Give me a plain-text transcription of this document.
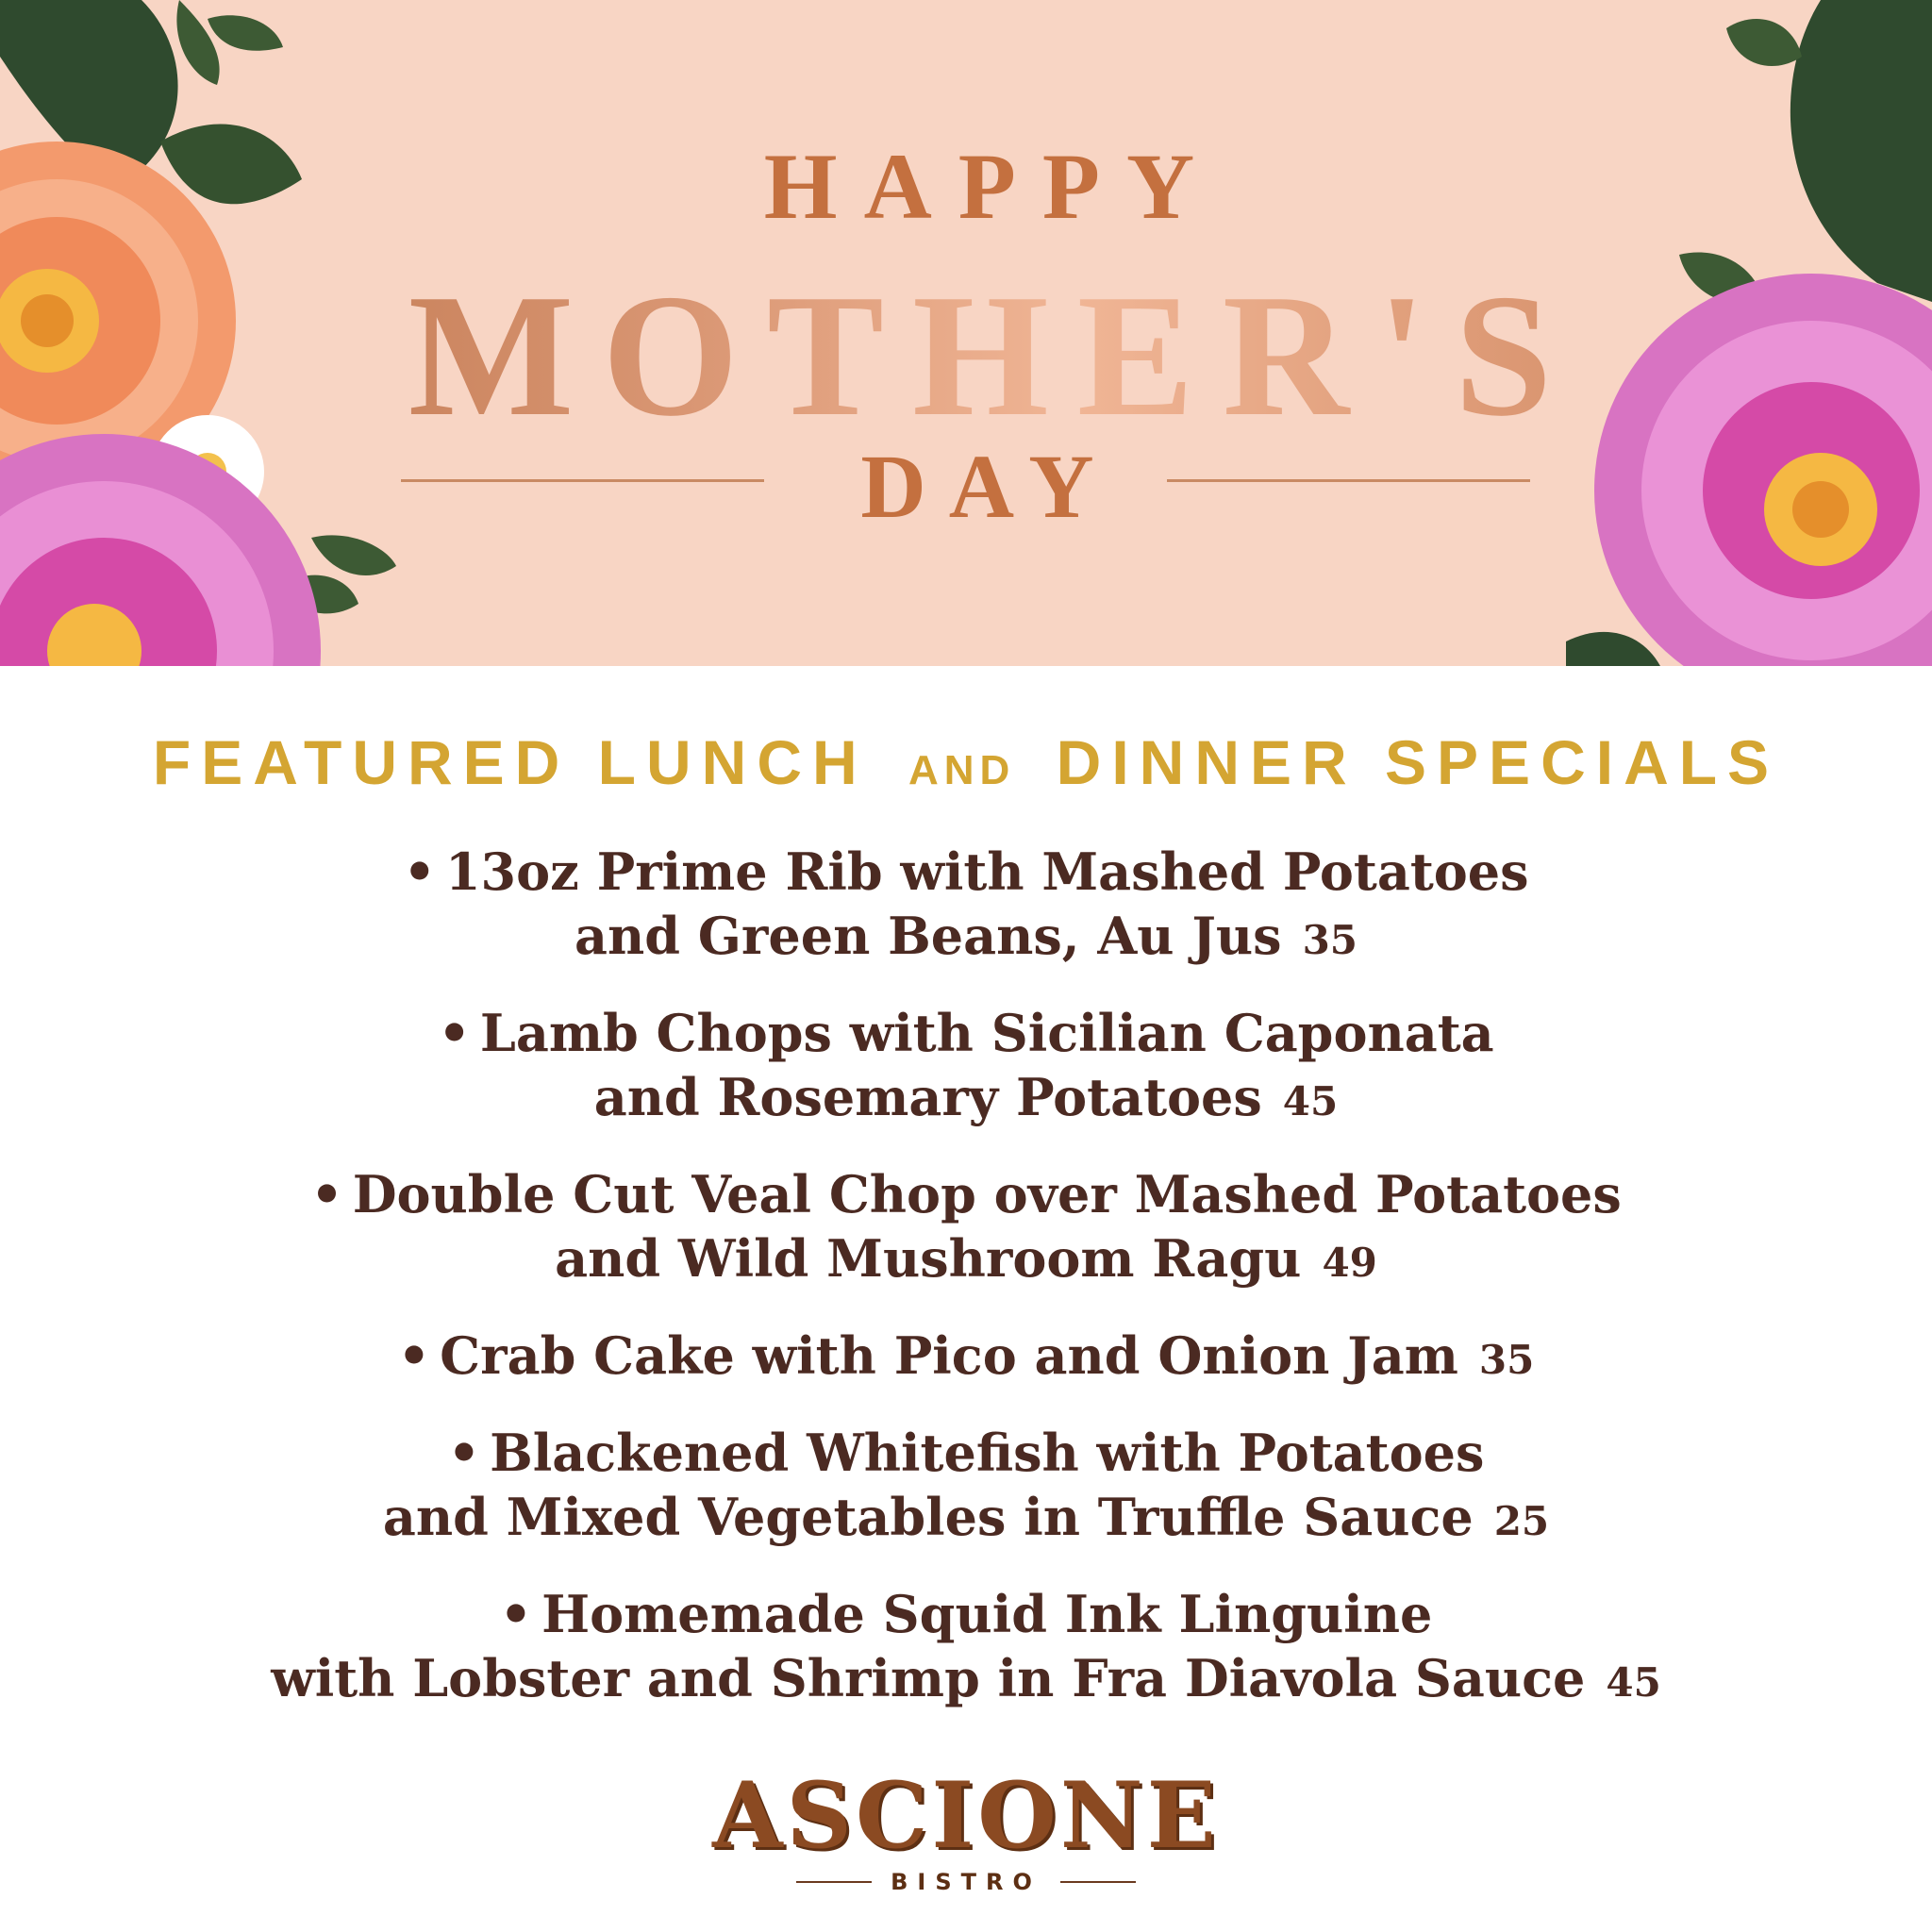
HAPPY
MOTHER'S
DAY
FEATURED LUNCH AND DINNER SPECIALS
• 13oz Prime Rib with Mashed Potatoes
and Green Beans, Au Jus 35
• Lamb Chops with Sicilian Caponata
and Rosemary Potatoes 45
• Double Cut Veal Chop over Mashed Potatoes
and Wild Mushroom Ragu 49
• Crab Cake with Pico and Onion Jam 35
• Blackened Whitefish with Potatoes
and Mixed Vegetables in Truffle Sauce 25
• Homemade Squid Ink Linguine
with Lobster and Shrimp in Fra Diavola Sauce 45
ASCIONE
BISTRO
